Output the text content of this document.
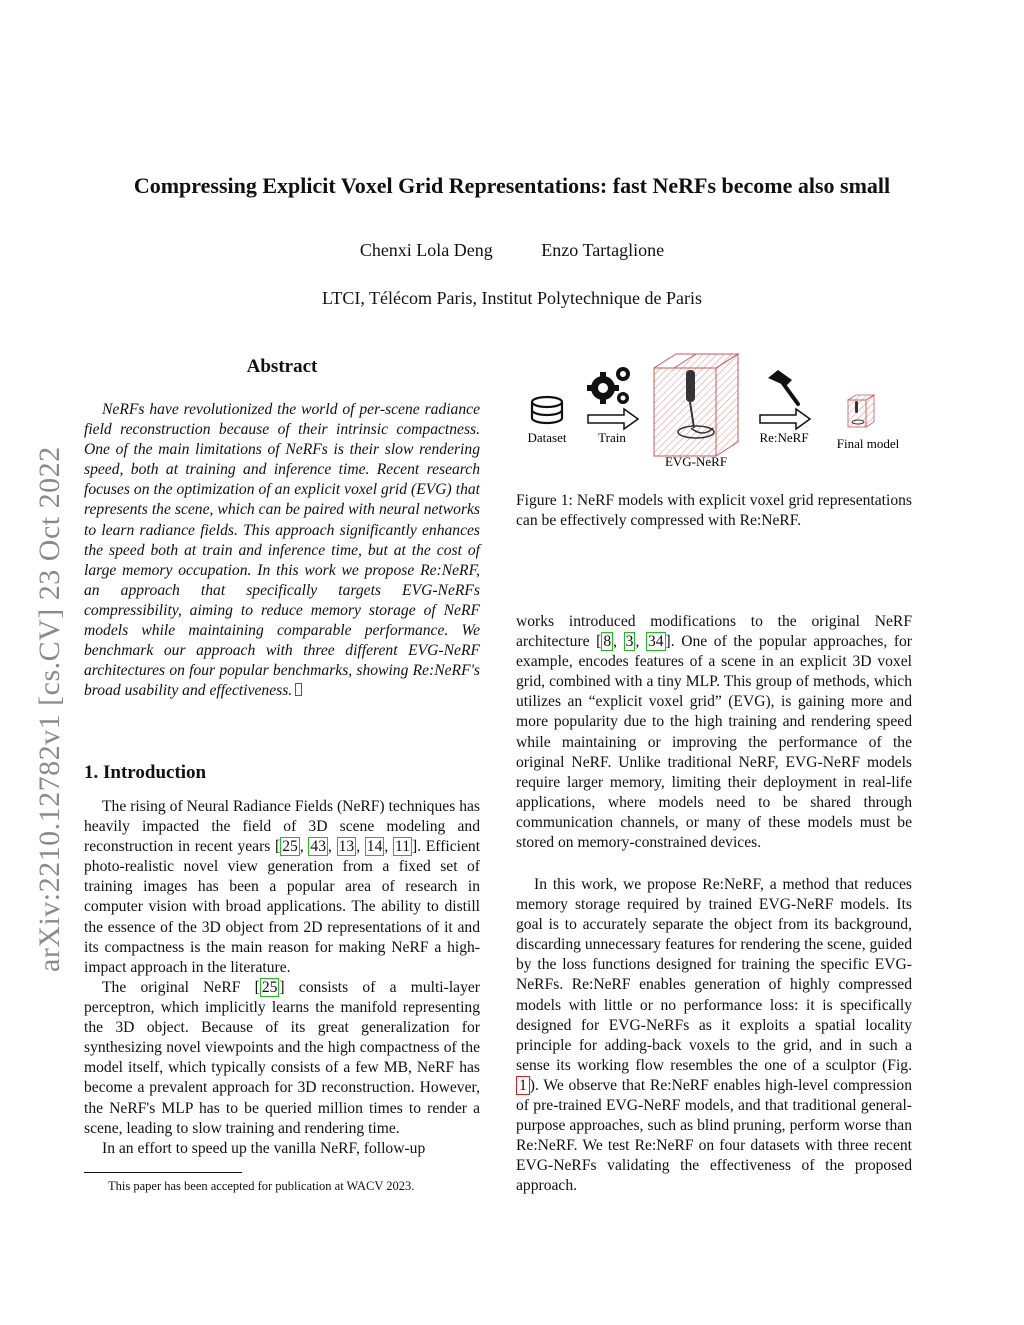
Compressing Explicit Voxel Grid Representations: fast NeRFs become also small
Chenxi Lola Deng	Enzo Tartaglione
LTCI, Télécom Paris, Institut Polytechnique de Paris
arXiv:2210.12782v1 [cs.CV] 23 Oct 2022
Abstract
NeRFs have revolutionized the world of per-scene radiance field reconstruction because of their intrinsic compactness. One of the main limitations of NeRFs is their slow rendering speed, both at training and inference time. Recent research focuses on the optimization of an explicit voxel grid (EVG) that represents the scene, which can be paired with neural networks to learn radiance fields. This approach significantly enhances the speed both at train and inference time, but at the cost of large memory occupation. In this work we propose Re:NeRF, an approach that specifically targets EVG-NeRFs compressibility, aiming to reduce memory storage of NeRF models while maintaining comparable performance. We benchmark our approach with three different EVG-NeRF architectures on four popular benchmarks, showing Re:NeRF's broad usability and effectiveness.
1. Introduction

The rising of Neural Radiance Fields (NeRF) techniques has heavily impacted the field of 3D scene modeling and reconstruction in recent years [ 25 , 43 , 13 , 14 , 11 ]. Efficient photo-realistic novel view generation from a fixed set of training images has been a popular area of research in computer vision with broad applications. The ability to distill the essence of the 3D object from 2D representations of it and its compactness is the main reason for making NeRF a high-impact approach in the literature.

The original NeRF [ 25 ] consists of a multi-layer perceptron, which implicitly learns the manifold representing the 3D object. Because of its great generalization for synthesizing novel viewpoints and the high compactness of the model itself, which typically consists of a few MB, NeRF has become a prevalent approach for 3D reconstruction. However, the NeRF's MLP has to be queried million times to render a scene, leading to slow training and rendering time.

In an effort to speed up the vanilla NeRF, follow-up

This paper has been accepted for publication at WACV 2023.
Dataset Train
EVG-NeRF
Re:NeRF Final model
Figure 1: NeRF models with explicit voxel grid representations can be effectively compressed with Re:NeRF.

works introduced modifications to the original NeRF architecture [ 8 , 3 , 34 ]. One of the popular approaches, for example, encodes features of a scene in an explicit 3D voxel grid, combined with a tiny MLP. This group of methods, which utilizes an “explicit voxel grid” (EVG), is gaining more and more popularity due to the high training and rendering speed while maintaining or improving the performance of the original NeRF. Unlike traditional NeRF, EVG-NeRF models require larger memory, limiting their deployment in real-life applications, where models need to be shared through communication channels, or many of these models must be stored on memory-constrained devices.

In this work, we propose Re:NeRF, a method that reduces memory storage required by trained EVG-NeRF models. Its goal is to accurately separate the object from its background, discarding unnecessary features for rendering the scene, guided by the loss functions designed for training the specific EVG-NeRFs. Re:NeRF enables generation of highly compressed models with little or no performance loss: it is specifically designed for EVG-NeRFs as it exploits a spatial locality principle for adding-back voxels to the grid, and in such a sense its working flow resembles the one of a sculptor (Fig. 1 ). We observe that Re:NeRF enables high-level compression of pre-trained EVG-NeRF models, and that traditional general-purpose approaches, such as blind pruning, perform worse than Re:NeRF. We test Re:NeRF on four datasets with three recent EVG-NeRFs validating the effectiveness of the proposed approach.
